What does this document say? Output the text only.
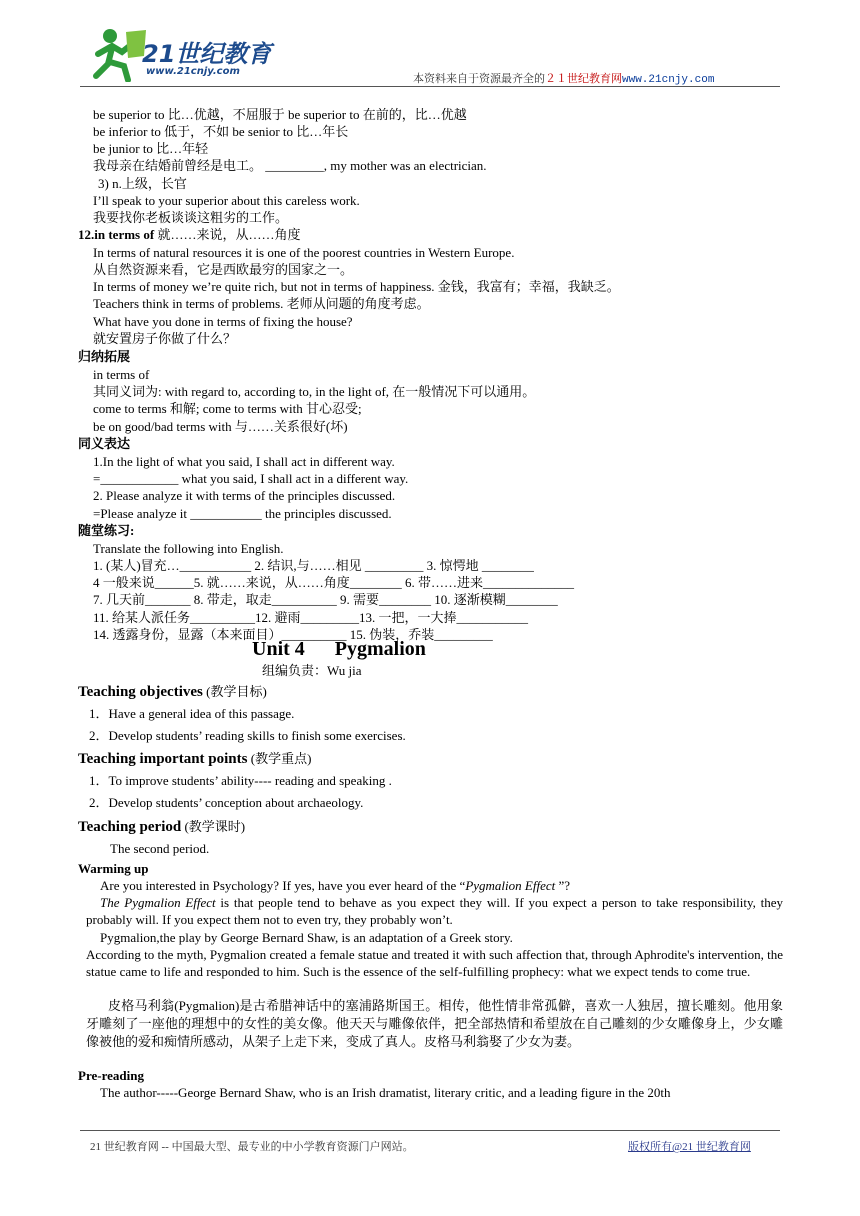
21世纪教育
www.21cnjy.com
本资料来自于资源最齐全的２１世纪教育网www.21cnjy.com
be superior to 比…优越，不屈服于 be superior to 在前的，比…优越
be inferior to 低于，不如 be senior to 比…年长
be junior to 比…年轻
我母亲在结婚前曾经是电工。 _________, my mother was an electrician.
3) n.上级，长官
I’ll speak to your superior about this careless work.
我要找你老板谈谈这粗劣的工作。
12.in terms of 就……来说，从……角度
In terms of natural resources it is one of the poorest countries in Western Europe.
从自然资源来看，它是西欧最穷的国家之一。
In terms of money we’re quite rich, but not in terms of happiness. 金钱，我富有；幸福，我缺乏。
Teachers think in terms of problems. 老师从问题的角度考虑。
What have you done in terms of fixing the house?
就安置房子你做了什么？
归纳拓展
in terms of
其同义词为: with regard to, according to, in the light of, 在一般情况下可以通用。
come to terms 和解; come to terms with 甘心忍受;
be on good/bad terms with 与……关系很好(坏)
同义表达
1.In the light of what you said, I shall act in different way.
=____________ what you said, I shall act in a different way.
2. Please analyze it with terms of the principles discussed.
=Please analyze it ___________ the principles discussed.
随堂练习:
Translate the following into English.
1. (某人)冒充…___________ 2. 结识,与……相见 _________ 3. 惊愕地 ________
4 一般来说______5. 就……来说，从……角度________ 6. 带……进来______________
7. 几天前_______ 8. 带走，取走__________ 9. 需要________ 10. 逐渐模糊________
11. 给某人派任务__________12. 避雨_________13. 一把，一大捧___________
14. 透露身份，显露（本来面目）__________ 15. 伪装，乔装_________
Unit 4      Pygmalion
组编负责：Wu jia
Teaching objectives (教学目标)
1．Have a general idea of this passage.
2．Develop students’ reading skills to finish some exercises.
Teaching important points (教学重点)
1．To improve students’ ability---- reading and speaking .
2．Develop students’ conception about archaeology.
Teaching period (教学课时)
The second period.
Warming up
Are you interested in Psychology? If yes, have you ever heard of the “Pygmalion Effect ”?
The Pygmalion Effect is that people tend to behave as you expect they will. If you expect a person to take responsibility, they probably will. If you expect them not to even try, they probably won’t.
Pygmalion,the play by George Bernard Shaw, is an adaptation of a Greek story.
According to the myth, Pygmalion created a female statue and treated it with such affection that, through Aphrodite's intervention, the statue came to life and responded to him. Such is the essence of the self-fulfilling prophecy: what we expect tends to come true.
皮格马利翁(Pygmalion)是古希腊神话中的塞浦路斯国王。相传，他性情非常孤僻，喜欢一人独居，擅长雕刻。他用象牙雕刻了一座他的理想中的女性的美女像。他天天与雕像依伴，把全部热情和希望放在自己雕刻的少女雕像身上，少女雕像被他的爱和痴情所感动，从架子上走下来，变成了真人。皮格马利翁娶了少女为妻。
Pre-reading
The author-----George Bernard Shaw, who is an Irish dramatist, literary critic, and a leading figure in the 20th
21 世纪教育网 -- 中国最大型、最专业的中小学教育资源门户网站。	版权所有@21 世纪教育网
